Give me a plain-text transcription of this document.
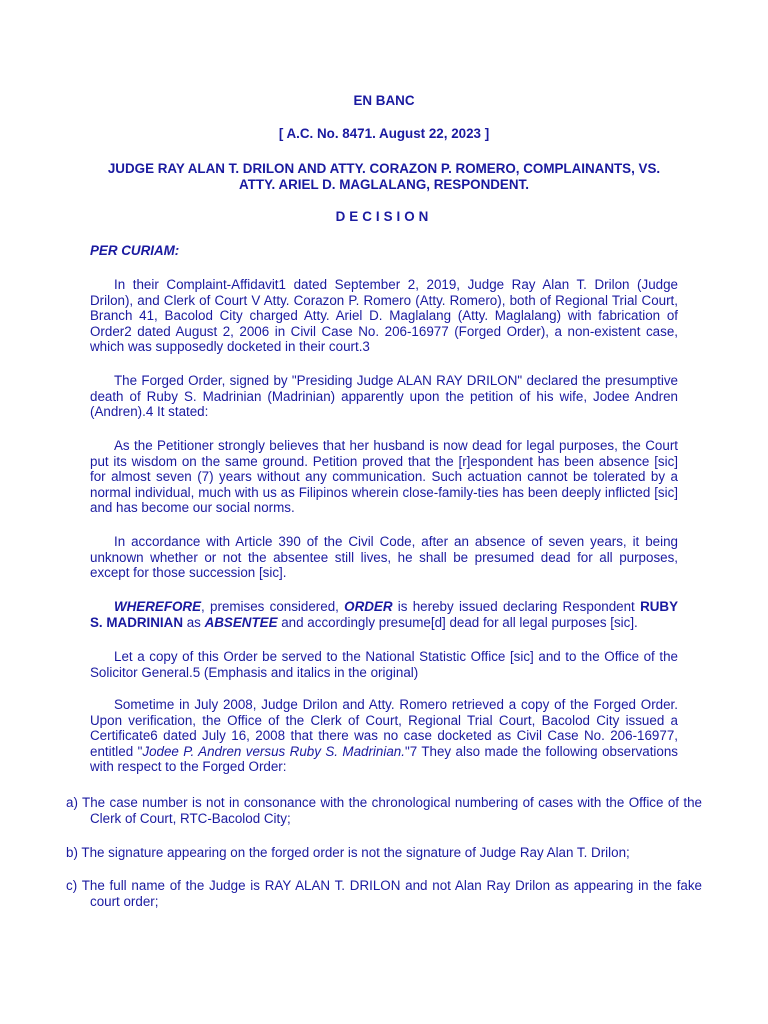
EN BANC

[ A.C. No. 8471. August 22, 2023 ]

JUDGE RAY ALAN T. DRILON AND ATTY. CORAZON P. ROMERO, COMPLAINANTS, VS.
ATTY. ARIEL D. MAGLALANG, RESPONDENT.

DECISION

PER CURIAM:

In their Complaint-Affidavit1 dated September 2, 2019, Judge Ray Alan T. Drilon (Judge Drilon), and Clerk of Court V Atty. Corazon P. Romero (Atty. Romero), both of Regional Trial Court, Branch 41, Bacolod City charged Atty. Ariel D. Maglalang (Atty. Maglalang) with fabrication of Order2 dated August 2, 2006 in Civil Case No. 206-16977 (Forged Order), a non-existent case, which was supposedly docketed in their court.3

The Forged Order, signed by "Presiding Judge ALAN RAY DRILON" declared the presumptive death of Ruby S. Madrinian (Madrinian) apparently upon the petition of his wife, Jodee Andren (Andren).4 It stated:

As the Petitioner strongly believes that her husband is now dead for legal purposes, the Court put its wisdom on the same ground. Petition proved that the [r]espondent has been absence [sic] for almost seven (7) years without any communication. Such actuation cannot be tolerated by a normal individual, much with us as Filipinos wherein close-family-ties has been deeply inflicted [sic] and has become our social norms.

In accordance with Article 390 of the Civil Code, after an absence of seven years, it being unknown whether or not the absentee still lives, he shall be presumed dead for all purposes, except for those succession [sic].

WHEREFORE, premises considered, ORDER is hereby issued declaring Respondent RUBY S. MADRINIAN as ABSENTEE and accordingly presume[d] dead for all legal purposes [sic].

Let a copy of this Order be served to the National Statistic Office [sic] and to the Office of the Solicitor General.5 (Emphasis and italics in the original)

Sometime in July 2008, Judge Drilon and Atty. Romero retrieved a copy of the Forged Order. Upon verification, the Office of the Clerk of Court, Regional Trial Court, Bacolod City issued a Certificate6 dated July 16, 2008 that there was no case docketed as Civil Case No. 206-16977, entitled "Jodee P. Andren versus Ruby S. Madrinian."7 They also made the following observations with respect to the Forged Order:

a) The case number is not in consonance with the chronological numbering of cases with the Office of the Clerk of Court, RTC-Bacolod City;

b) The signature appearing on the forged order is not the signature of Judge Ray Alan T. Drilon;

c) The full name of the Judge is RAY ALAN T. DRILON and not Alan Ray Drilon as appearing in the fake court order;
